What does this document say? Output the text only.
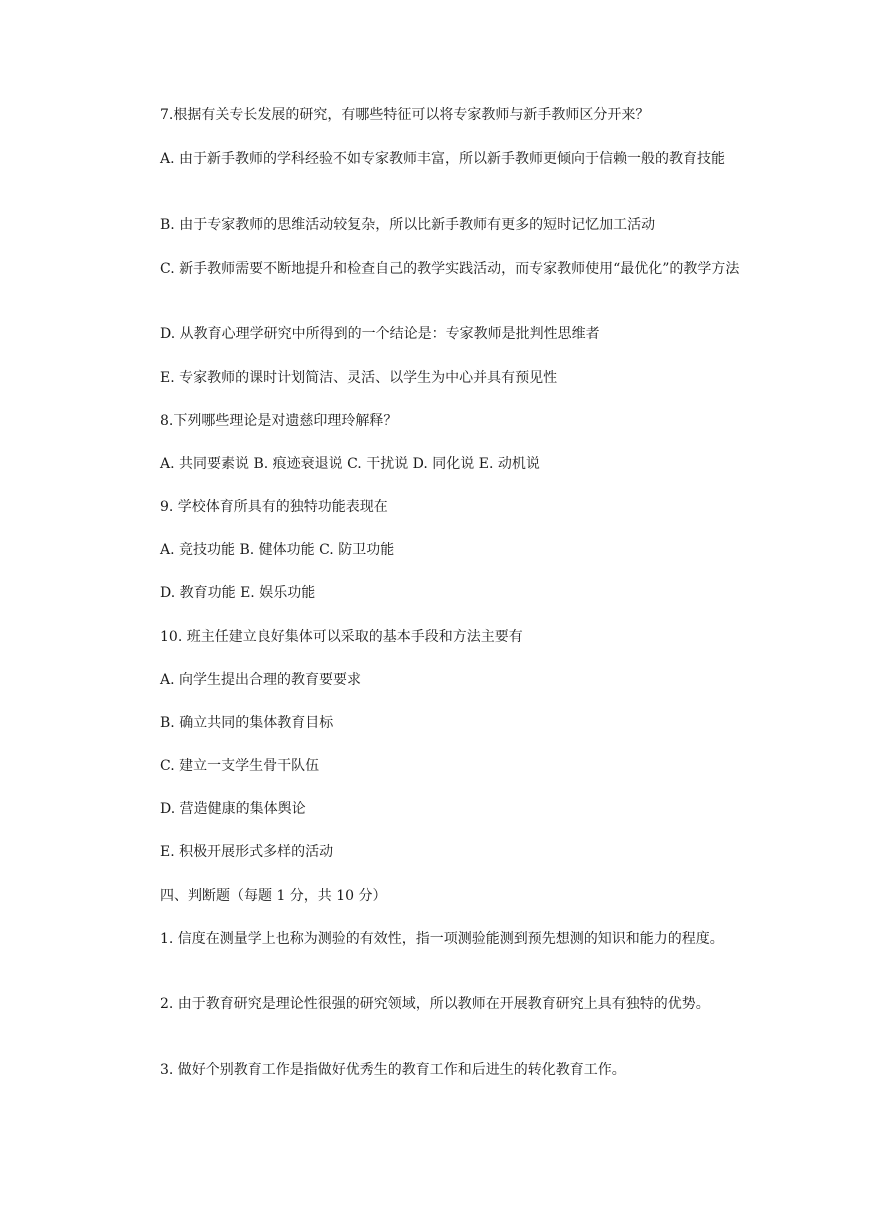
7.根据有关专长发展的研究，有哪些特征可以将专家教师与新手教师区分开来？

A. 由于新手教师的学科经验不如专家教师丰富，所以新手教师更倾向于信赖一般的教育技能

B. 由于专家教师的思维活动较复杂，所以比新手教师有更多的短时记忆加工活动

C. 新手教师需要不断地提升和检查自己的教学实践活动，而专家教师使用“最优化”的教学方法

D. 从教育心理学研究中所得到的一个结论是：专家教师是批判性思维者

E. 专家教师的课时计划简洁、灵活、以学生为中心并具有预见性

8.下列哪些理论是对遗慈印理玲解释？

A. 共同要素说 B. 痕迹衰退说 C. 干扰说 D. 同化说 E. 动机说

9. 学校体育所具有的独特功能表现在

A. 竞技功能 B. 健体功能 C. 防卫功能

D. 教育功能 E. 娱乐功能

10. 班主任建立良好集体可以采取的基本手段和方法主要有

A. 向学生提出合理的教育要要求

B. 确立共同的集体教育目标

C. 建立一支学生骨干队伍

D. 营造健康的集体舆论

E. 积极开展形式多样的活动

四、判断题（每题 1 分，共 10 分）

1. 信度在测量学上也称为测验的有效性，指一项测验能测到预先想测的知识和能力的程度。

2. 由于教育研究是理论性很强的研究领域，所以教师在开展教育研究上具有独特的优势。

3. 做好个别教育工作是指做好优秀生的教育工作和后进生的转化教育工作。
